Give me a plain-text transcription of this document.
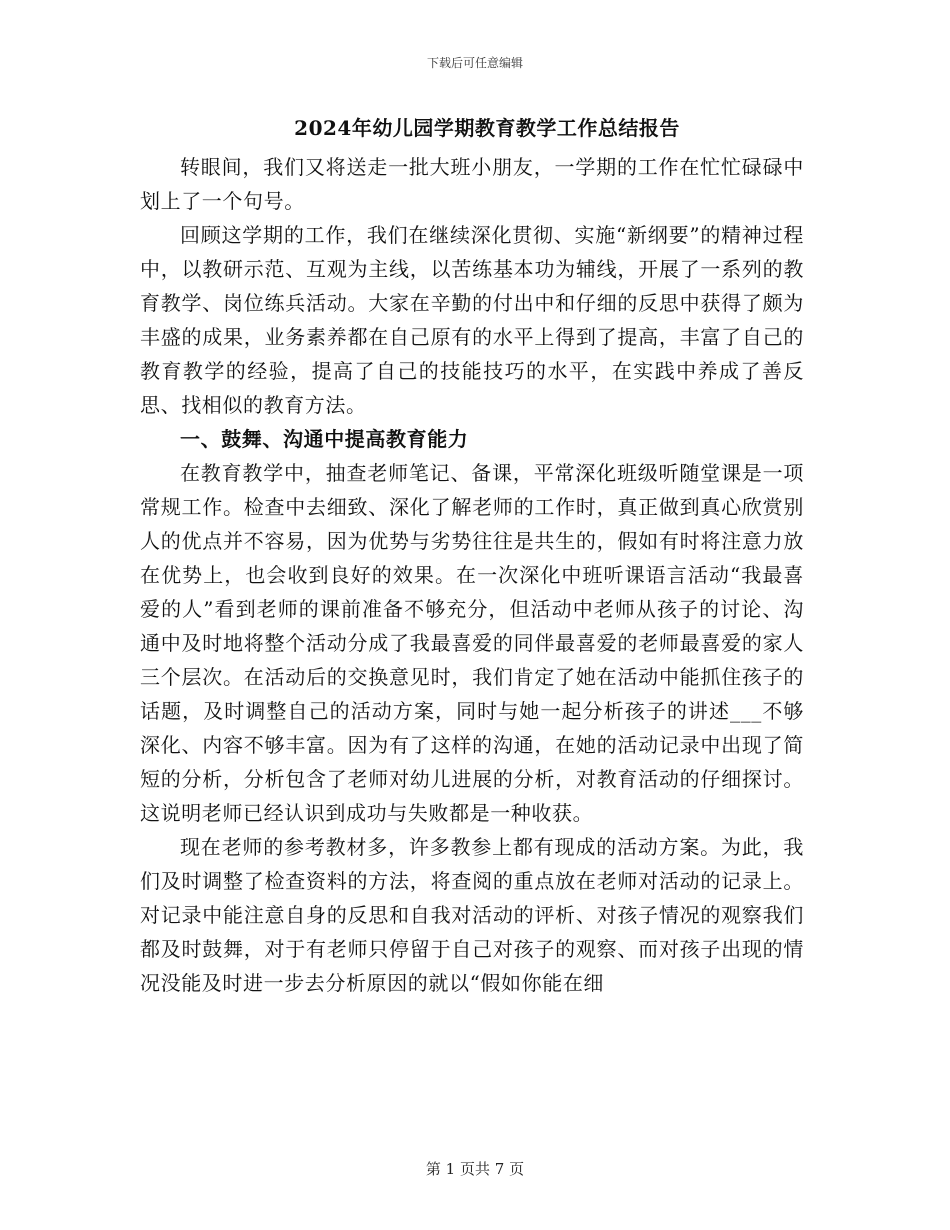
下载后可任意编辑
2024年幼儿园学期教育教学工作总结报告

转眼间，我们又将送走一批大班小朋友，一学期的工作在忙忙碌碌中划上了一个句号。

回顾这学期的工作，我们在继续深化贯彻、实施“新纲要”的精神过程中，以教研示范、互观为主线，以苦练基本功为辅线，开展了一系列的教育教学、岗位练兵活动。大家在辛勤的付出中和仔细的反思中获得了颇为丰盛的成果，业务素养都在自己原有的水平上得到了提高，丰富了自己的教育教学的经验，提高了自己的技能技巧的水平，在实践中养成了善反思、找相似的教育方法。

一、鼓舞、沟通中提高教育能力

在教育教学中，抽查老师笔记、备课，平常深化班级听随堂课是一项常规工作。检查中去细致、深化了解老师的工作时，真正做到真心欣赏别人的优点并不容易，因为优势与劣势往往是共生的，假如有时将注意力放在优势上，也会收到良好的效果。在一次深化中班听课语言活动“我最喜爱的人”看到老师的课前准备不够充分，但活动中老师从孩子的讨论、沟通中及时地将整个活动分成了我最喜爱的同伴最喜爱的老师最喜爱的家人三个层次。在活动后的交换意见时，我们肯定了她在活动中能抓住孩子的话题，及时调整自己的活动方案，同时与她一起分析孩子的讲述___不够深化、内容不够丰富。因为有了这样的沟通，在她的活动记录中出现了简短的分析，分析包含了老师对幼儿进展的分析，对教育活动的仔细探讨。这说明老师已经认识到成功与失败都是一种收获。

现在老师的参考教材多，许多教参上都有现成的活动方案。为此，我们及时调整了检查资料的方法，将查阅的重点放在老师对活动的记录上。对记录中能注意自身的反思和自我对活动的评析、对孩子情况的观察我们都及时鼓舞，对于有老师只停留于自己对孩子的观察、而对孩子出现的情况没能及时进一步去分析原因的就以“假如你能在细

第 1 页共 7 页
